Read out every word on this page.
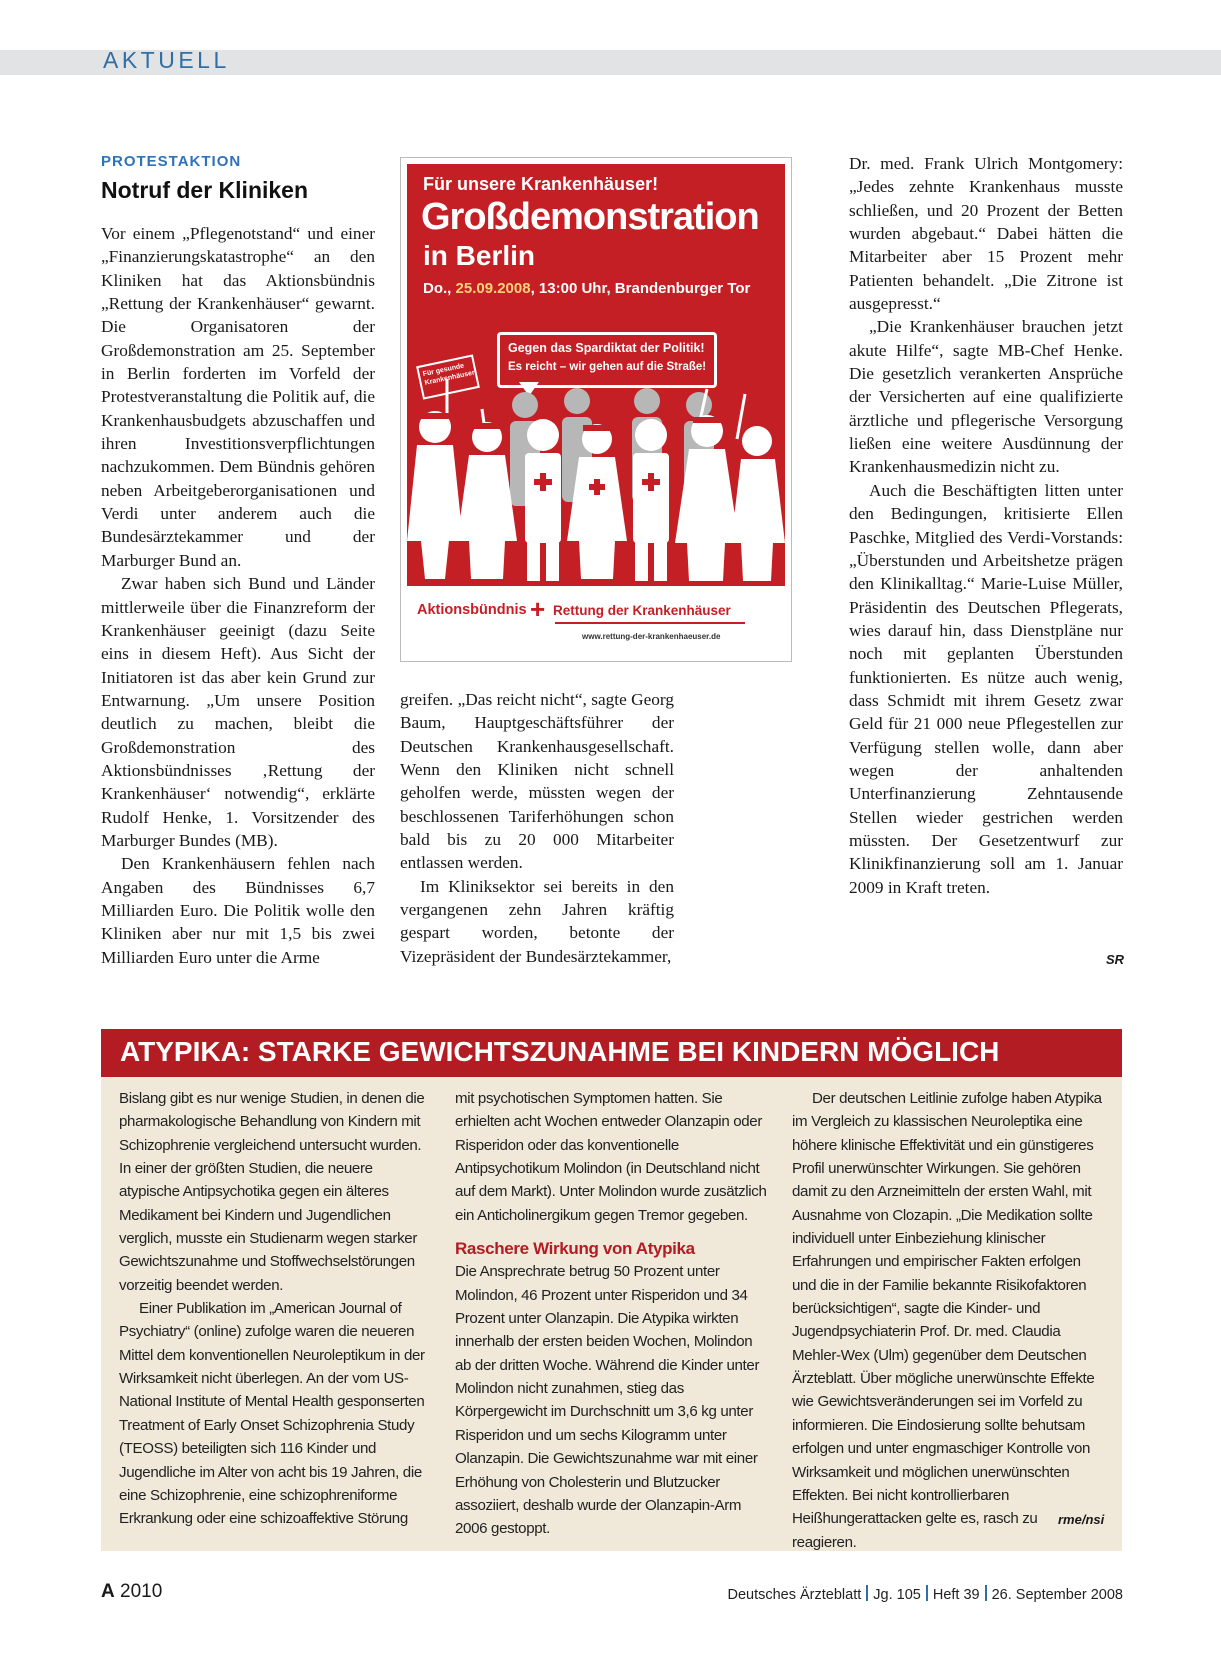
AKTUELL
PROTESTAKTION
Notruf der Kliniken

Vor einem „Pflegenotstand“ und einer „Finanzierungskatastrophe“ an den Kliniken hat das Aktionsbündnis „Rettung der Krankenhäuser“ gewarnt. Die Organisatoren der Großdemonstration am 25. September in Berlin forderten im Vorfeld der Protestveranstaltung die Politik auf, die Krankenhausbudgets abzuschaffen und ihren Investitionsverpflichtungen nachzukommen. Dem Bündnis gehören neben Arbeitgeberorganisationen und Verdi unter anderem auch die Bundesärztekammer und der Marburger Bund an.

Zwar haben sich Bund und Länder mittlerweile über die Finanzreform der Krankenhäuser geeinigt (dazu Seite eins in diesem Heft). Aus Sicht der Initiatoren ist das aber kein Grund zur Entwarnung. „Um unsere Position deutlich zu machen, bleibt die Großdemonstration des Aktionsbündnisses ‚Rettung der Krankenhäuser‘ notwendig“, erklärte Rudolf Henke, 1. Vorsitzender des Marburger Bundes (MB).

Den Krankenhäusern fehlen nach Angaben des Bündnisses 6,7 Milliarden Euro. Die Politik wolle den Kliniken aber nur mit 1,5 bis zwei Milliarden Euro unter die Arme

Für unsere Krankenhäuser!
Großdemonstration
in Berlin
Do., 25.09.2008, 13:00 Uhr, Brandenburger Tor
Gegen das Spardiktat der Politik!
Es reicht – wir gehen auf die Straße!
Für gesunde Krankenhäuser!
Aktionsbündnis + Rettung der Krankenhäuser
www.rettung-der-krankenhaeuser.de

greifen. „Das reicht nicht“, sagte Georg Baum, Hauptgeschäftsführer der Deutschen Krankenhausgesellschaft. Wenn den Kliniken nicht schnell geholfen werde, müssten wegen der beschlossenen Tariferhöhungen schon bald bis zu 20 000 Mitarbeiter entlassen werden.

Im Kliniksektor sei bereits in den vergangenen zehn Jahren kräftig gespart worden, betonte der Vizepräsident der Bundesärztekammer,

Dr. med. Frank Ulrich Montgomery: „Jedes zehnte Krankenhaus musste schließen, und 20 Prozent der Betten wurden abgebaut.“ Dabei hätten die Mitarbeiter aber 15 Prozent mehr Patienten behandelt. „Die Zitrone ist ausgepresst.“

„Die Krankenhäuser brauchen jetzt akute Hilfe“, sagte MB-Chef Henke. Die gesetzlich verankerten Ansprüche der Versicherten auf eine qualifizierte ärztliche und pflegerische Versorgung ließen eine weitere Ausdünnung der Krankenhausmedizin nicht zu.

Auch die Beschäftigten litten unter den Bedingungen, kritisierte Ellen Paschke, Mitglied des Verdi-Vorstands: „Überstunden und Arbeitshetze prägen den Klinikalltag.“ Marie-Luise Müller, Präsidentin des Deutschen Pflegerats, wies darauf hin, dass Dienstpläne nur noch mit geplanten Überstunden funktionierten. Es nütze auch wenig, dass Schmidt mit ihrem Gesetz zwar Geld für 21 000 neue Pflegestellen zur Verfügung stellen wolle, dann aber wegen der anhaltenden Unterfinanzierung Zehntausende Stellen wieder gestrichen werden müssten. Der Gesetzentwurf zur Klinikfinanzierung soll am 1. Januar 2009 in Kraft treten.

SR
ATYPIKA: STARKE GEWICHTSZUNAHME BEI KINDERN MÖGLICH

Bislang gibt es nur wenige Studien, in denen die pharmakologische Behandlung von Kindern mit Schizophrenie vergleichend untersucht wurden. In einer der größten Studien, die neuere atypische Antipsychotika gegen ein älteres Medikament bei Kindern und Jugendlichen verglich, musste ein Studienarm wegen starker Gewichtszunahme und Stoffwechselstörungen vorzeitig beendet werden.

Einer Publikation im „American Journal of Psychiatry“ (online) zufolge waren die neueren Mittel dem konventionellen Neuroleptikum in der Wirksamkeit nicht überlegen. An der vom US-National Institute of Mental Health gesponserten Treatment of Early Onset Schizophrenia Study (TEOSS) beteiligten sich 116 Kinder und Jugendliche im Alter von acht bis 19 Jahren, die eine Schizophrenie, eine schizophreniforme Erkrankung oder eine schizoaffektive Störung

mit psychotischen Symptomen hatten. Sie erhielten acht Wochen entweder Olanzapin oder Risperidon oder das konventionelle Antipsychotikum Molindon (in Deutschland nicht auf dem Markt). Unter Molindon wurde zusätzlich ein Anticholinergikum gegen Tremor gegeben.

Raschere Wirkung von Atypika

Die Ansprechrate betrug 50 Prozent unter Molindon, 46 Prozent unter Risperidon und 34 Prozent unter Olanzapin. Die Atypika wirkten innerhalb der ersten beiden Wochen, Molindon ab der dritten Woche. Während die Kinder unter Molindon nicht zunahmen, stieg das Körpergewicht im Durchschnitt um 3,6 kg unter Risperidon und um sechs Kilogramm unter Olanzapin. Die Gewichtszunahme war mit einer Erhöhung von Cholesterin und Blutzucker assoziiert, deshalb wurde der Olanzapin-Arm 2006 gestoppt.

Der deutschen Leitlinie zufolge haben Atypika im Vergleich zu klassischen Neuroleptika eine höhere klinische Effektivität und ein günstigeres Profil unerwünschter Wirkungen. Sie gehören damit zu den Arzneimitteln der ersten Wahl, mit Ausnahme von Clozapin. „Die Medikation sollte individuell unter Einbeziehung klinischer Erfahrungen und empirischer Fakten erfolgen und die in der Familie bekannte Risikofaktoren berücksichtigen“, sagte die Kinder- und Jugendpsychiaterin Prof. Dr. med. Claudia Mehler-Wex (Ulm) gegenüber dem Deutschen Ärzteblatt. Über mögliche unerwünschte Effekte wie Gewichtsveränderungen sei im Vorfeld zu informieren. Die Eindosierung sollte behutsam erfolgen und unter engmaschiger Kontrolle von Wirksamkeit und möglichen unerwünschten Effekten. Bei nicht kontrollierbaren Heißhungerattacken gelte es, rasch zu reagieren.

rme/nsi
A 2010	Deutsches Ärzteblatt Jg. 105 Heft 39 26. September 2008
